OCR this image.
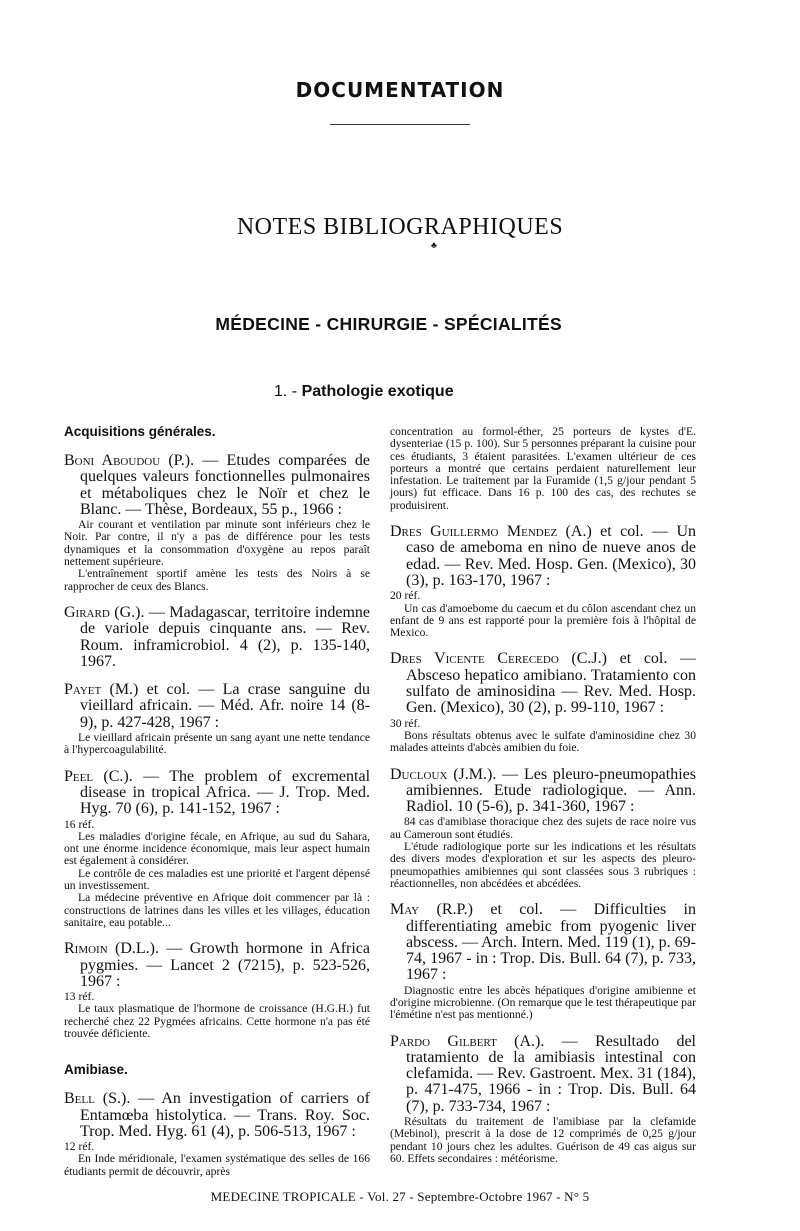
DOCUMENTATION
NOTES BIBLIOGRAPHIQUES
♣
MÉDECINE - CHIRURGIE - SPÉCIALITÉS
1. - Pathologie exotique
Acquisitions générales.
Boni Aboudou (P.). — Etudes comparées de quelques valeurs fonctionnelles pulmonaires et métaboliques chez le Noïr et chez le Blanc. — Thèse, Bordeaux, 55 p., 1966 :

Air courant et ventilation par minute sont inférieurs chez le Noir. Par contre, il n'y a pas de différence pour les tests dynamiques et la consommation d'oxygène au repos paraît nettement supérieure.

L'entraînement sportif amène les tests des Noirs à se rapprocher de ceux des Blancs.

Girard (G.). — Madagascar, territoire indemne de variole depuis cinquante ans. — Rev. Roum. inframicrobiol. 4 (2), p. 135-140, 1967.
Payet (M.) et col. — La crase sanguine du vieillard africain. — Méd. Afr. noire 14 (8-9), p. 427-428, 1967 :

Le vieillard africain présente un sang ayant une nette tendance à l'hypercoagulabilité.

Peel (C.). — The problem of excremental disease in tropical Africa. — J. Trop. Med. Hyg. 70 (6), p. 141-152, 1967 :
16 réf.

Les maladies d'origine fécale, en Afrique, au sud du Sahara, ont une énorme incidence économique, mais leur aspect humain est également à considérer.

Le contrôle de ces maladies est une priorité et l'argent dépensé un investissement.

La médecine préventive en Afrique doit commencer par là : constructions de latrines dans les villes et les villages, éducation sanitaire, eau potable...

Rimoin (D.L.). — Growth hormone in Africa pygmies. — Lancet 2 (7215), p. 523-526, 1967 :
13 réf.

Le taux plasmatique de l'hormone de croissance (H.G.H.) fut recherché chez 22 Pygmées africains. Cette hormone n'a pas été trouvée déficiente.

Amibiase.
Bell (S.). — An investigation of carriers of Entamœba histolytica. — Trans. Roy. Soc. Trop. Med. Hyg. 61 (4), p. 506-513, 1967 :
12 réf.

En Inde méridionale, l'examen systématique des selles de 166 étudiants permit de découvrir, après

concentration au formol-éther, 25 porteurs de kystes d'E. dysenteriae (15 p. 100). Sur 5 personnes préparant la cuisine pour ces étudiants, 3 étaient parasitées. L'examen ultérieur de ces porteurs a montré que certains perdaient naturellement leur infestation. Le traitement par la Furamide (1,5 g/jour pendant 5 jours) fut efficace. Dans 16 p. 100 des cas, des rechutes se produisirent.
Dres Guillermo Mendez (A.) et col. — Un caso de ameboma en nino de nueve anos de edad. — Rev. Med. Hosp. Gen. (Mexico), 30 (3), p. 163-170, 1967 :
20 réf.

Un cas d'amoebome du caecum et du côlon ascendant chez un enfant de 9 ans est rapporté pour la première fois à l'hôpital de Mexico.

Dres Vicente Cerecedo (C.J.) et col. — Absceso hepatico amibiano. Tratamiento con sulfato de aminosidina — Rev. Med. Hosp. Gen. (Mexico), 30 (2), p. 99-110, 1967 :
30 réf.

Bons résultats obtenus avec le sulfate d'aminosidine chez 30 malades atteints d'abcès amibien du foie.

Ducloux (J.M.). — Les pleuro-pneumopathies amibiennes. Etude radiologique. — Ann. Radiol. 10 (5-6), p. 341-360, 1967 :

84 cas d'amibiase thoracique chez des sujets de race noire vus au Cameroun sont étudiés.

L'étude radiologique porte sur les indications et les résultats des divers modes d'exploration et sur les aspects des pleuro-pneumopathies amibiennes qui sont classées sous 3 rubriques : réactionnelles, non abcédées et abcédées.

May (R.P.) et col. — Difficulties in differentiating amebic from pyogenic liver abscess. — Arch. Intern. Med. 119 (1), p. 69-74, 1967 - in : Trop. Dis. Bull. 64 (7), p. 733, 1967 :

Diagnostic entre les abcès hépatiques d'origine amibienne et d'origine microbienne. (On remarque que le test thérapeutique par l'émétine n'est pas mentionné.)

Pardo Gilbert (A.). — Resultado del tratamiento de la amibiasis intestinal con clefamida. — Rev. Gastroent. Mex. 31 (184), p. 471-475, 1966 - in : Trop. Dis. Bull. 64 (7), p. 733-734, 1967 :

Résultats du traitement de l'amibiase par la clefamide (Mebinol), prescrit à la dose de 12 comprimés de 0,25 g/jour pendant 10 jours chez les adultes. Guérison de 49 cas aigus sur 60. Effets secondaires : météorisme.

MEDECINE TROPICALE - Vol. 27 - Septembre-Octobre 1967 - N° 5
